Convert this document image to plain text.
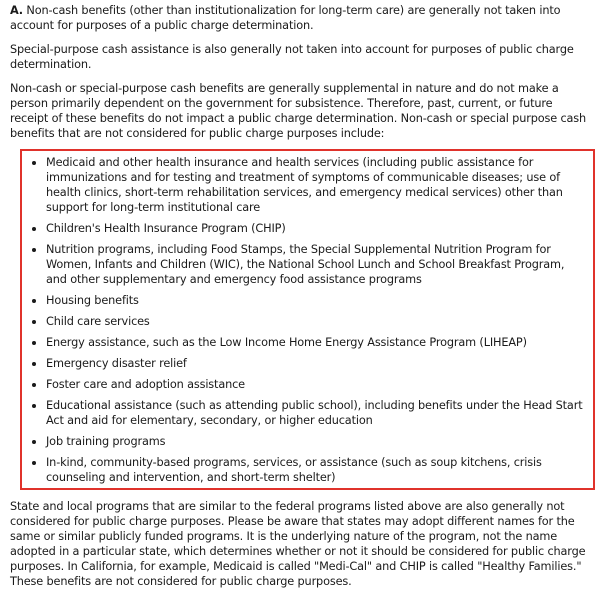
A. Non-cash benefits (other than institutionalization for long-term care) are generally not taken into account for purposes of a public charge determination.

Special-purpose cash assistance is also generally not taken into account for purposes of public charge determination.

Non-cash or special-purpose cash benefits are generally supplemental in nature and do not make a person primarily dependent on the government for subsistence. Therefore, past, current, or future receipt of these benefits do not impact a public charge determination. Non-cash or special purpose cash benefits that are not considered for public charge purposes include:

Medicaid and other health insurance and health services (including public assistance for immunizations and for testing and treatment of symptoms of communicable diseases; use of health clinics, short-term rehabilitation services, and emergency medical services) other than support for long-term institutional care
Children's Health Insurance Program (CHIP)
Nutrition programs, including Food Stamps, the Special Supplemental Nutrition Program for Women, Infants and Children (WIC), the National School Lunch and School Breakfast Program, and other supplementary and emergency food assistance programs
Housing benefits
Child care services
Energy assistance, such as the Low Income Home Energy Assistance Program (LIHEAP)
Emergency disaster relief
Foster care and adoption assistance
Educational assistance (such as attending public school), including benefits under the Head Start Act and aid for elementary, secondary, or higher education
Job training programs
In-kind, community-based programs, services, or assistance (such as soup kitchens, crisis counseling and intervention, and short-term shelter)

State and local programs that are similar to the federal programs listed above are also generally not considered for public charge purposes. Please be aware that states may adopt different names for the same or similar publicly funded programs. It is the underlying nature of the program, not the name adopted in a particular state, which determines whether or not it should be considered for public charge purposes. In California, for example, Medicaid is called "Medi-Cal" and CHIP is called "Healthy Families." These benefits are not considered for public charge purposes.
